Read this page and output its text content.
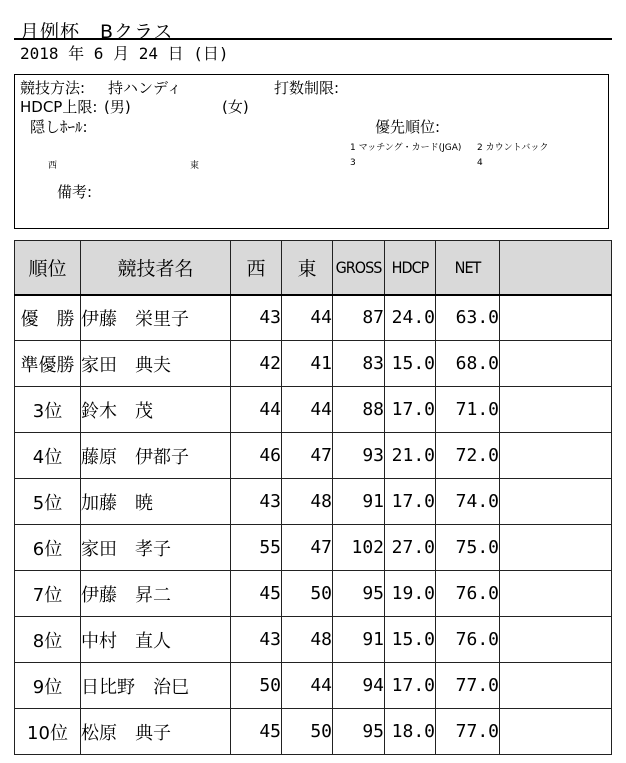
月例杯　Bクラス
2018 年 6 月 24 日 (日)
競技方法: 持ハンディ	打数制限:
HDCP上限: (男)	(女)
隠しﾎｰﾙ:	優先順位:
1 マッチング・カード(JGA) 2 カウントバック
西	東	3	4
備考:
順位	競技者名	西	東	GROSS	HDCP	NET	
優　勝	伊藤　栄里子	43	44	87	24.0	63.0	
準優勝	家田　典夫	42	41	83	15.0	68.0	
3位	鈴木　茂	44	44	88	17.0	71.0	
4位	藤原　伊都子	46	47	93	21.0	72.0	
5位	加藤　暁	43	48	91	17.0	74.0	
6位	家田　孝子	55	47	102	27.0	75.0	
7位	伊藤　昇二	45	50	95	19.0	76.0	
8位	中村　直人	43	48	91	15.0	76.0	
9位	日比野　治巳	50	44	94	17.0	77.0	
10位	松原　典子	45	50	95	18.0	77.0	
